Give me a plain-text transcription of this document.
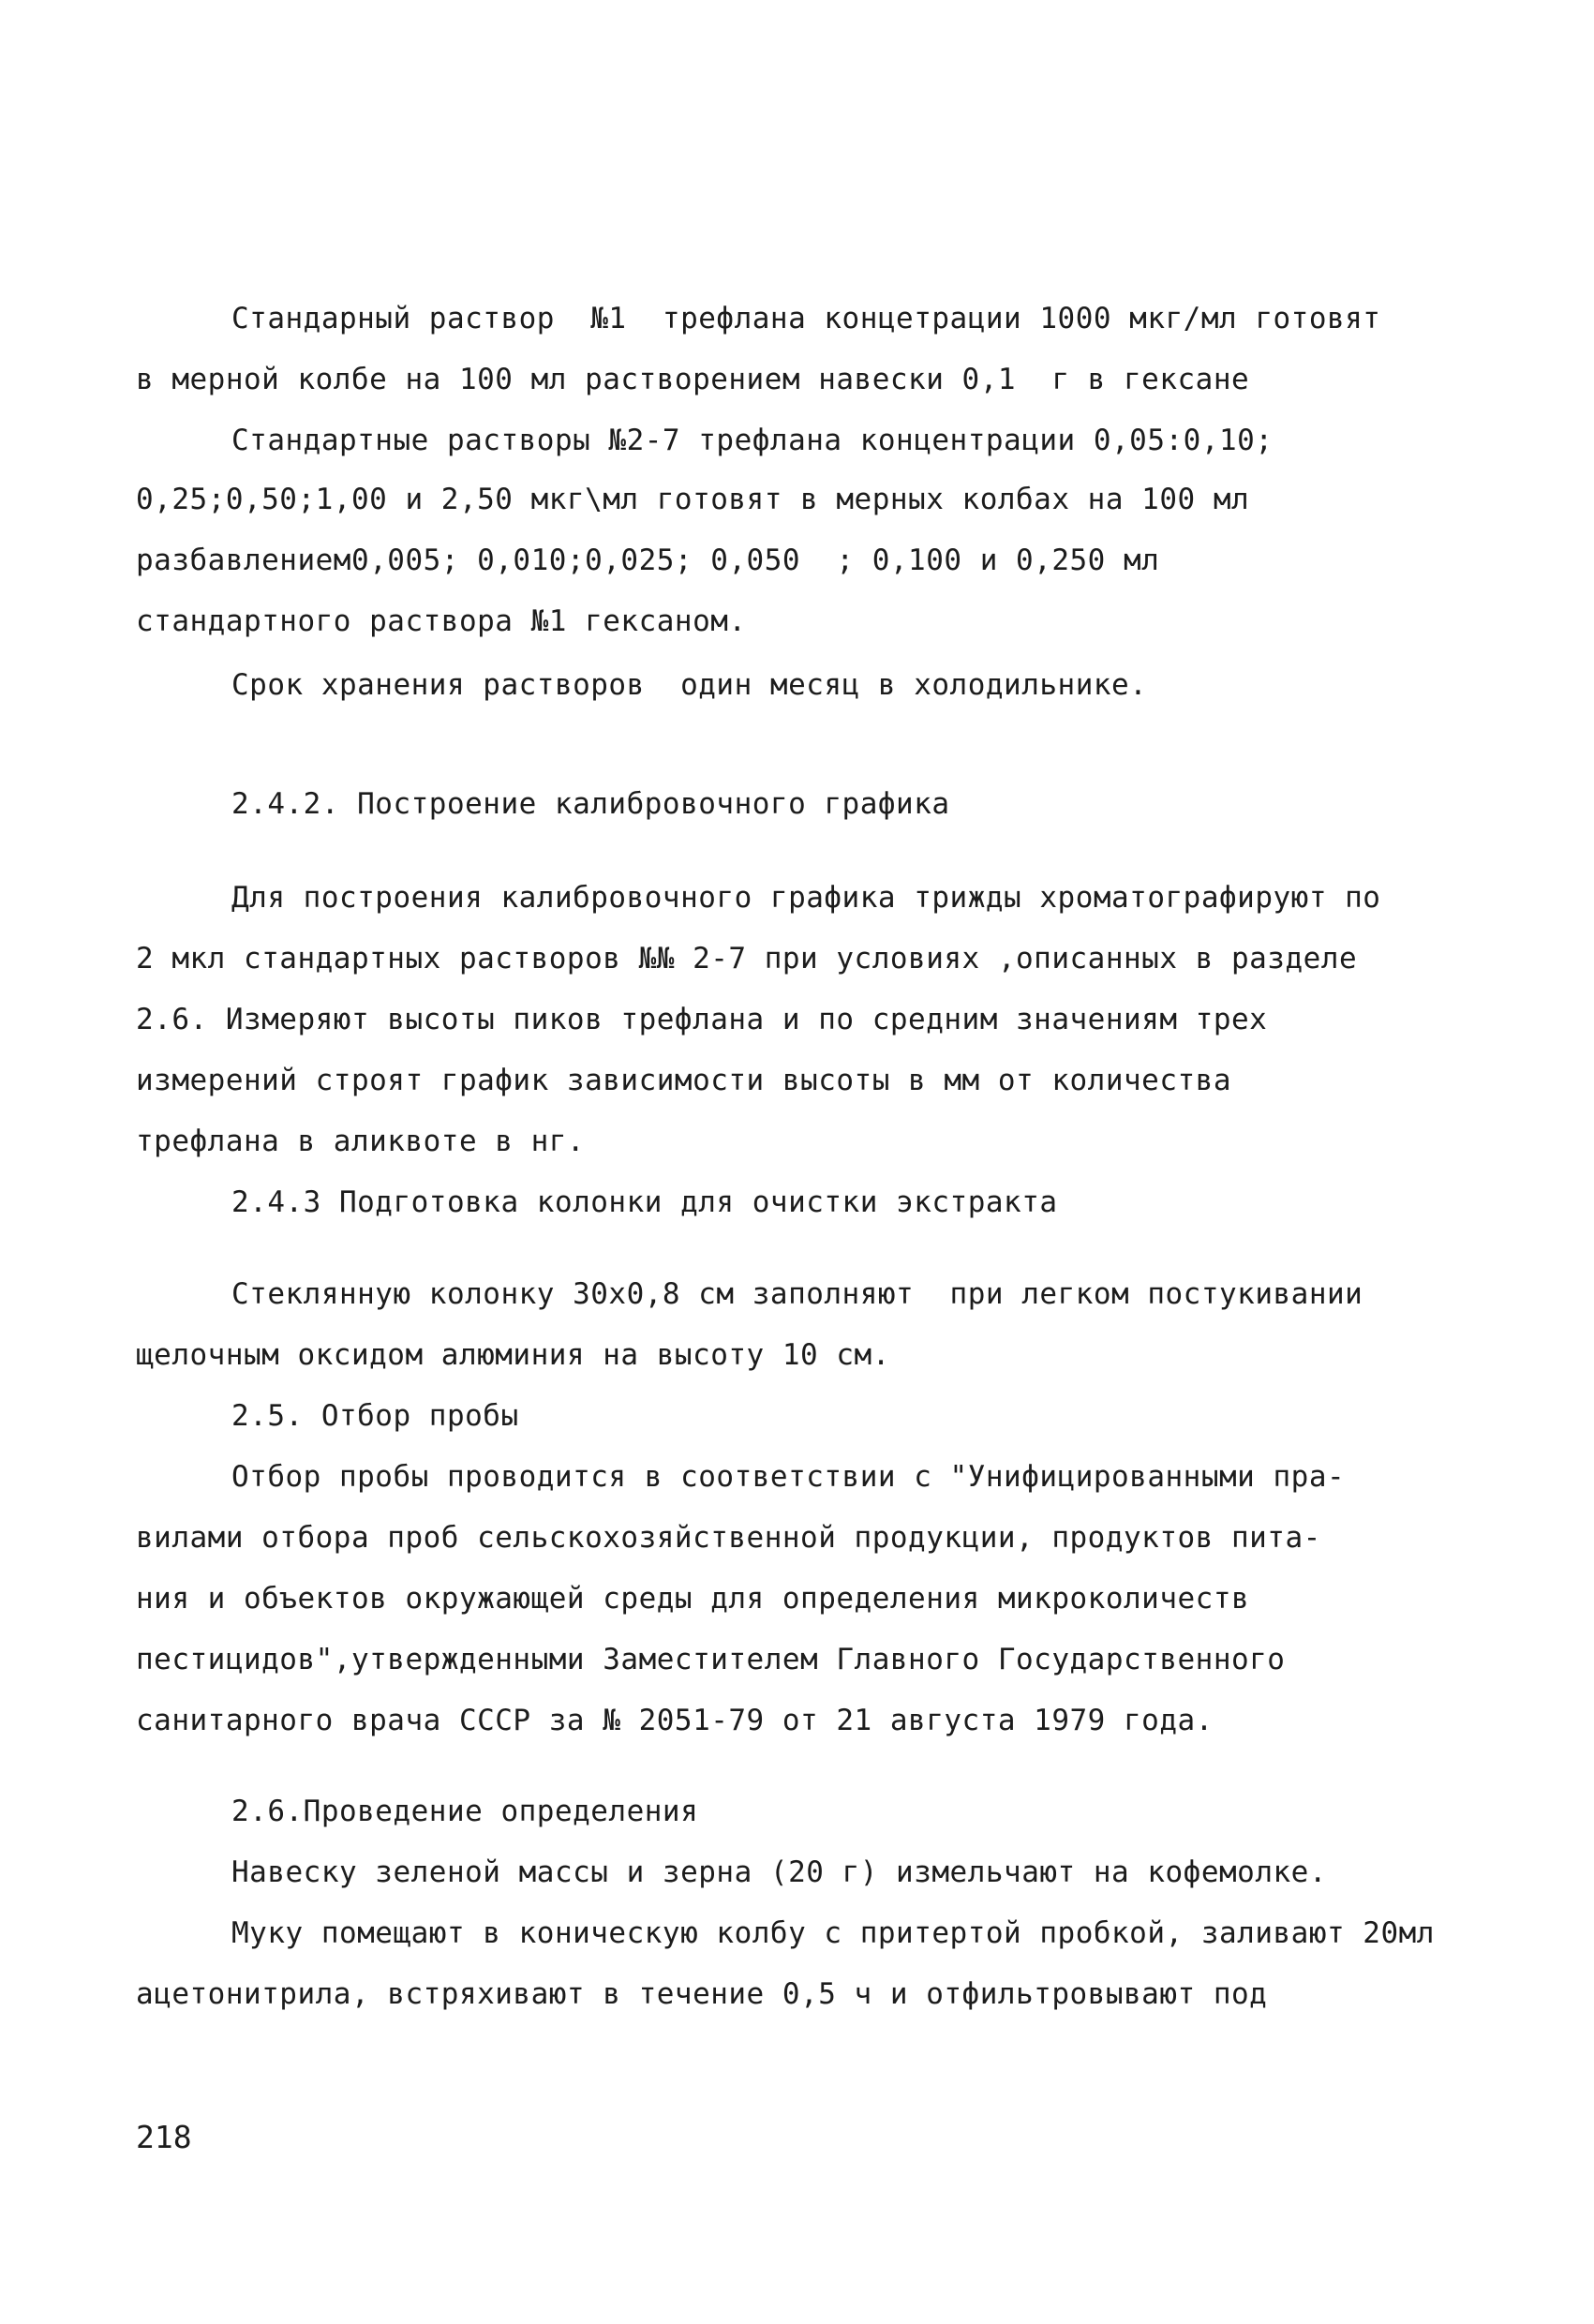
Стандарный раствор  №1  трефлана концетрации 1000 мкг/мл готовят
в мерной колбе на 100 мл растворением навески 0,1  г в гексане
Стандартные растворы №2-7 трефлана концентрации 0,05:0,10;
0,25;0,50;1,00 и 2,50 мкг\мл готовят в мерных колбах на 100 мл
разбавлением0,005; 0,010;0,025; 0,050  ; 0,100 и 0,250 мл
стандартного раствора №1 гексаном.
Срок хранения растворов  один месяц в холодильнике.
2.4.2. Построение калибровочного графика
Для построения калибровочного графика трижды хроматографируют по
2 мкл стандартных растворов №№ 2-7 при условиях ,описанных в разделе
2.6. Измеряют высоты пиков трефлана и по средним значениям трех
измерений строят график зависимости высоты в мм от количества
трефлана в аликвоте в нг.
2.4.3 Подготовка колонки для очистки экстракта
Стеклянную колонку 30х0,8 см заполняют  при легком постукивании
щелочным оксидом алюминия на высоту 10 см.
2.5. Отбор пробы
Отбор пробы проводится в соответствии с "Унифицированными пра-
вилами отбора проб сельскохозяйственной продукции, продуктов пита-
ния и объектов окружающей среды для определения микроколичеств
пестицидов",утвержденными Заместителем Главного Государственного
санитарного врача СССР за № 2051-79 от 21 августа 1979 года.
2.6.Проведение определения
Навеску зеленой массы и зерна (20 г) измельчают на кофемолке.
Муку помещают в коническую колбу с притертой пробкой, заливают 20мл
ацетонитрила, встряхивают в течение 0,5 ч и отфильтровывают под
218
